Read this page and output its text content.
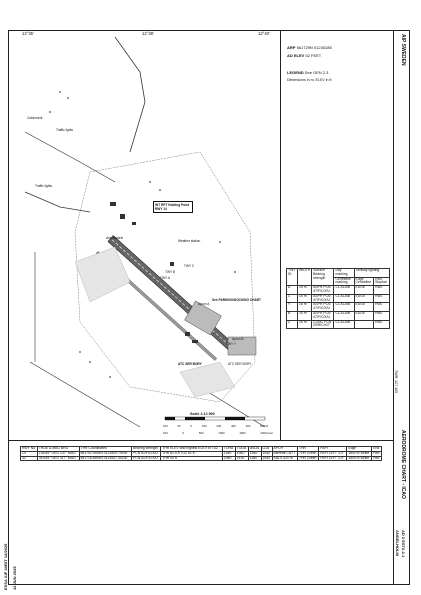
12°35'	12°38'	12°40'
AIP SWEDEN
AERODROME CHART - ICAO
AD 2 ESTA 2-1
ANGELHOLM
TWR: 127.105
ESSA AIP AMDT 12/2025 12 JUN 2025
ARP 561729N 0123518E
AD ELEV 62 FEET
LEGEND See GEN 2.3
Dimensions in m, ELEV in ft
TWY ID	WIDTH	Surface Bearing strength	Day marking	Taxiway lighting	
			Centreline marking	Edge Centreline	RWL Stopbar
A	15 m	ASPH PCN 47/F/C/X/U	CL AL/AB	EDGE	RWL
C	15 m	ASPH PCN 47/F/C/X/U	CL AL/AB	EDGE	RWL
Y	15 m	ASPH PCN 47/F/C/X/U	CL AL/AB	EDGE	RWL
B	15 m	ASPH PCN 47/F/C/X/U	CL AL/AB	EDGE	RWL
Z	15 m	CONC PCN 20/R/C/X/T	CL AL/AB		RWL
INT RPT Holding Point RWY 14
Weather station
Apron A
Apron B
ATC SER BORY	ATC SER BORY
See PARKING/DOCKING CHART
Aeromodels
Catchment
Traffic lights
Traffic lights
TWY A
TWY B
TWY C
TWY Y
Scale 1:12 500
100	50	0	100	200	300	400	500 M
100	0	500	1000	1500	2000 Feet
RWY No	TRUE & MAG BRG	THR Coordinates	Bearing strength	THR ELEV and highest ELEV of TDZ	TORA	TODA	ASDA	LDA	APCH	THR	PAPI	Edge	End
14	135.89° GEO 137° MAG	561751.9934N 0123409.7919E	PCN 61/F/C/X/U	THR 61.4 ft TDZ 61 ft	1940	1940	1940	1940	Barrette CAT I	THR Green	PAPI LEFT 3.0°	1800 m White	Red
32	315.89° GEO 317° MAG	561718.6694N 0123547.3413E	PCN 61/F/C/X/U	THR 53 ft	1940	2130	1940	1940	SALS 420 m	THR Green	PAPI LEFT 3.0°	1800 m White	Red
